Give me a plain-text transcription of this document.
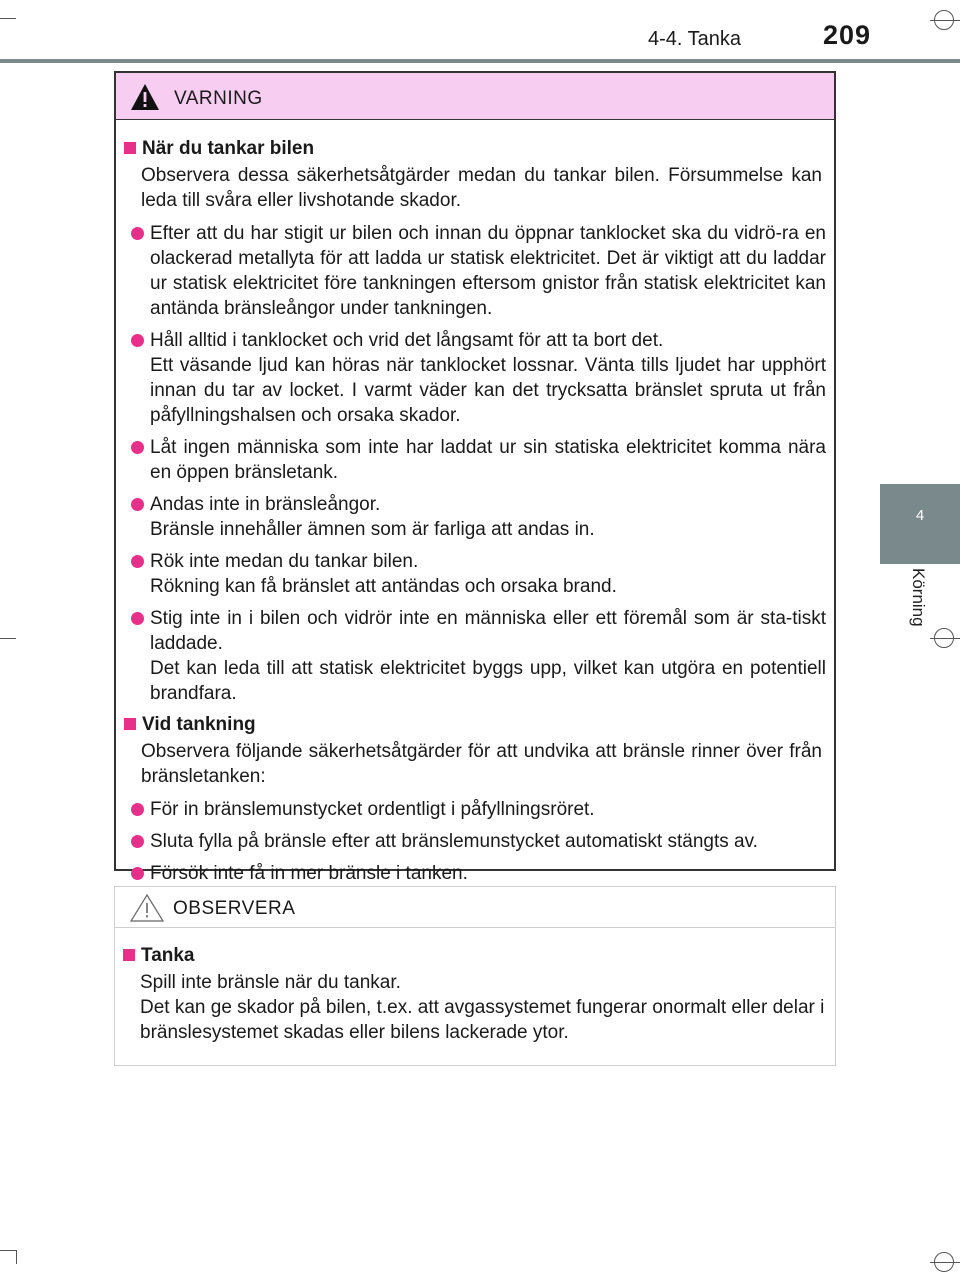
4-4. Tanka	209
4
Körning
VARNING
När du tankar bilen
Observera dessa säkerhetsåtgärder medan du tankar bilen. Försummelse kan leda till svåra eller livshotande skador.
Efter att du har stigit ur bilen och innan du öppnar tanklocket ska du vidrö-ra en olackerad metallyta för att ladda ur statisk elektricitet. Det är viktigt att du laddar ur statisk elektricitet före tankningen eftersom gnistor från statisk elektricitet kan antända bränsleångor under tankningen.
Håll alltid i tanklocket och vrid det långsamt för att ta bort det.
Ett väsande ljud kan höras när tanklocket lossnar. Vänta tills ljudet har upphört innan du tar av locket. I varmt väder kan det trycksatta bränslet spruta ut från påfyllningshalsen och orsaka skador.
Låt ingen människa som inte har laddat ur sin statiska elektricitet komma nära en öppen bränsletank.
Andas inte in bränsleångor.
Bränsle innehåller ämnen som är farliga att andas in.
Rök inte medan du tankar bilen.
Rökning kan få bränslet att antändas och orsaka brand.
Stig inte in i bilen och vidrör inte en människa eller ett föremål som är sta-tiskt laddade.
Det kan leda till att statisk elektricitet byggs upp, vilket kan utgöra en potentiell brandfara.
Vid tankning
Observera följande säkerhetsåtgärder för att undvika att bränsle rinner över från bränsletanken:
För in bränslemunstycket ordentligt i påfyllningsröret.
Sluta fylla på bränsle efter att bränslemunstycket automatiskt stängts av.
Försök inte få in mer bränsle i tanken.
OBSERVERA
Tanka
Spill inte bränsle när du tankar.
Det kan ge skador på bilen, t.ex. att avgassystemet fungerar onormalt eller delar i bränslesystemet skadas eller bilens lackerade ytor.
